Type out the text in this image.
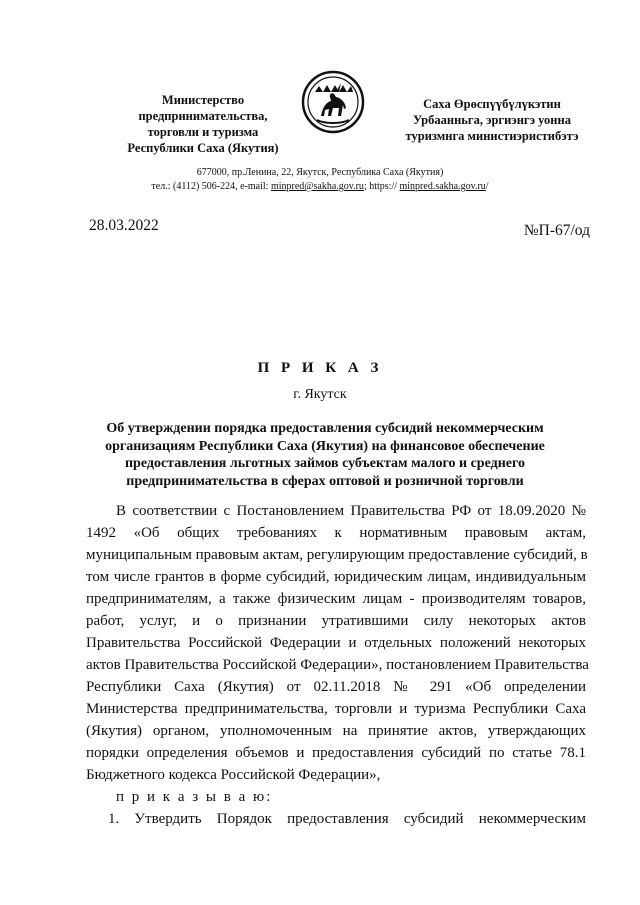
Министерство
предпринимательства,
торговли и туризма
Республики Саха (Якутия)
Саха Өрөспүүбүлүкэтин
Урбаанньга, эргиэнгэ уонна
туризмнга министиэристибэтэ
677000, пр.Ленина, 22, Якутск, Республика Саха (Якутия)
тел.: (4112) 506-224, e-mail: minpred@sakha.gov.ru; https:// minpred.sakha.gov.ru/
28.03.2022	№П-67/од
П Р И К А З
г. Якутск
Об утверждении порядка предоставления субсидий некоммерческим
организациям Республики Саха (Якутия) на финансовое обеспечение
предоставления льготных займов субъектам малого и среднего
предпринимательства в сферах оптовой и розничной торговли
В соответствии с Постановлением Правительства РФ от 18.09.2020 №
1492 «Об общих требованиях к нормативным правовым актам,
муниципальным правовым актам, регулирующим предоставление субсидий, в
том числе грантов в форме субсидий, юридическим лицам, индивидуальным
предпринимателям, а также физическим лицам - производителям товаров,
работ, услуг, и о признании утратившими силу некоторых актов
Правительства Российской Федерации и отдельных положений некоторых
актов Правительства Российской Федерации», постановлением Правительства
Республики Саха (Якутия) от 02.11.2018 № 291 «Об определении
Министерства предпринимательства, торговли и туризма Республики Саха
(Якутия) органом, уполномоченным на принятие актов, утверждающих
порядки определения объемов и предоставления субсидий по статье 78.1
Бюджетного кодекса Российской Федерации»,
п р и к а з ы в а ю:
1. Утвердить Порядок предоставления субсидий некоммерческим
